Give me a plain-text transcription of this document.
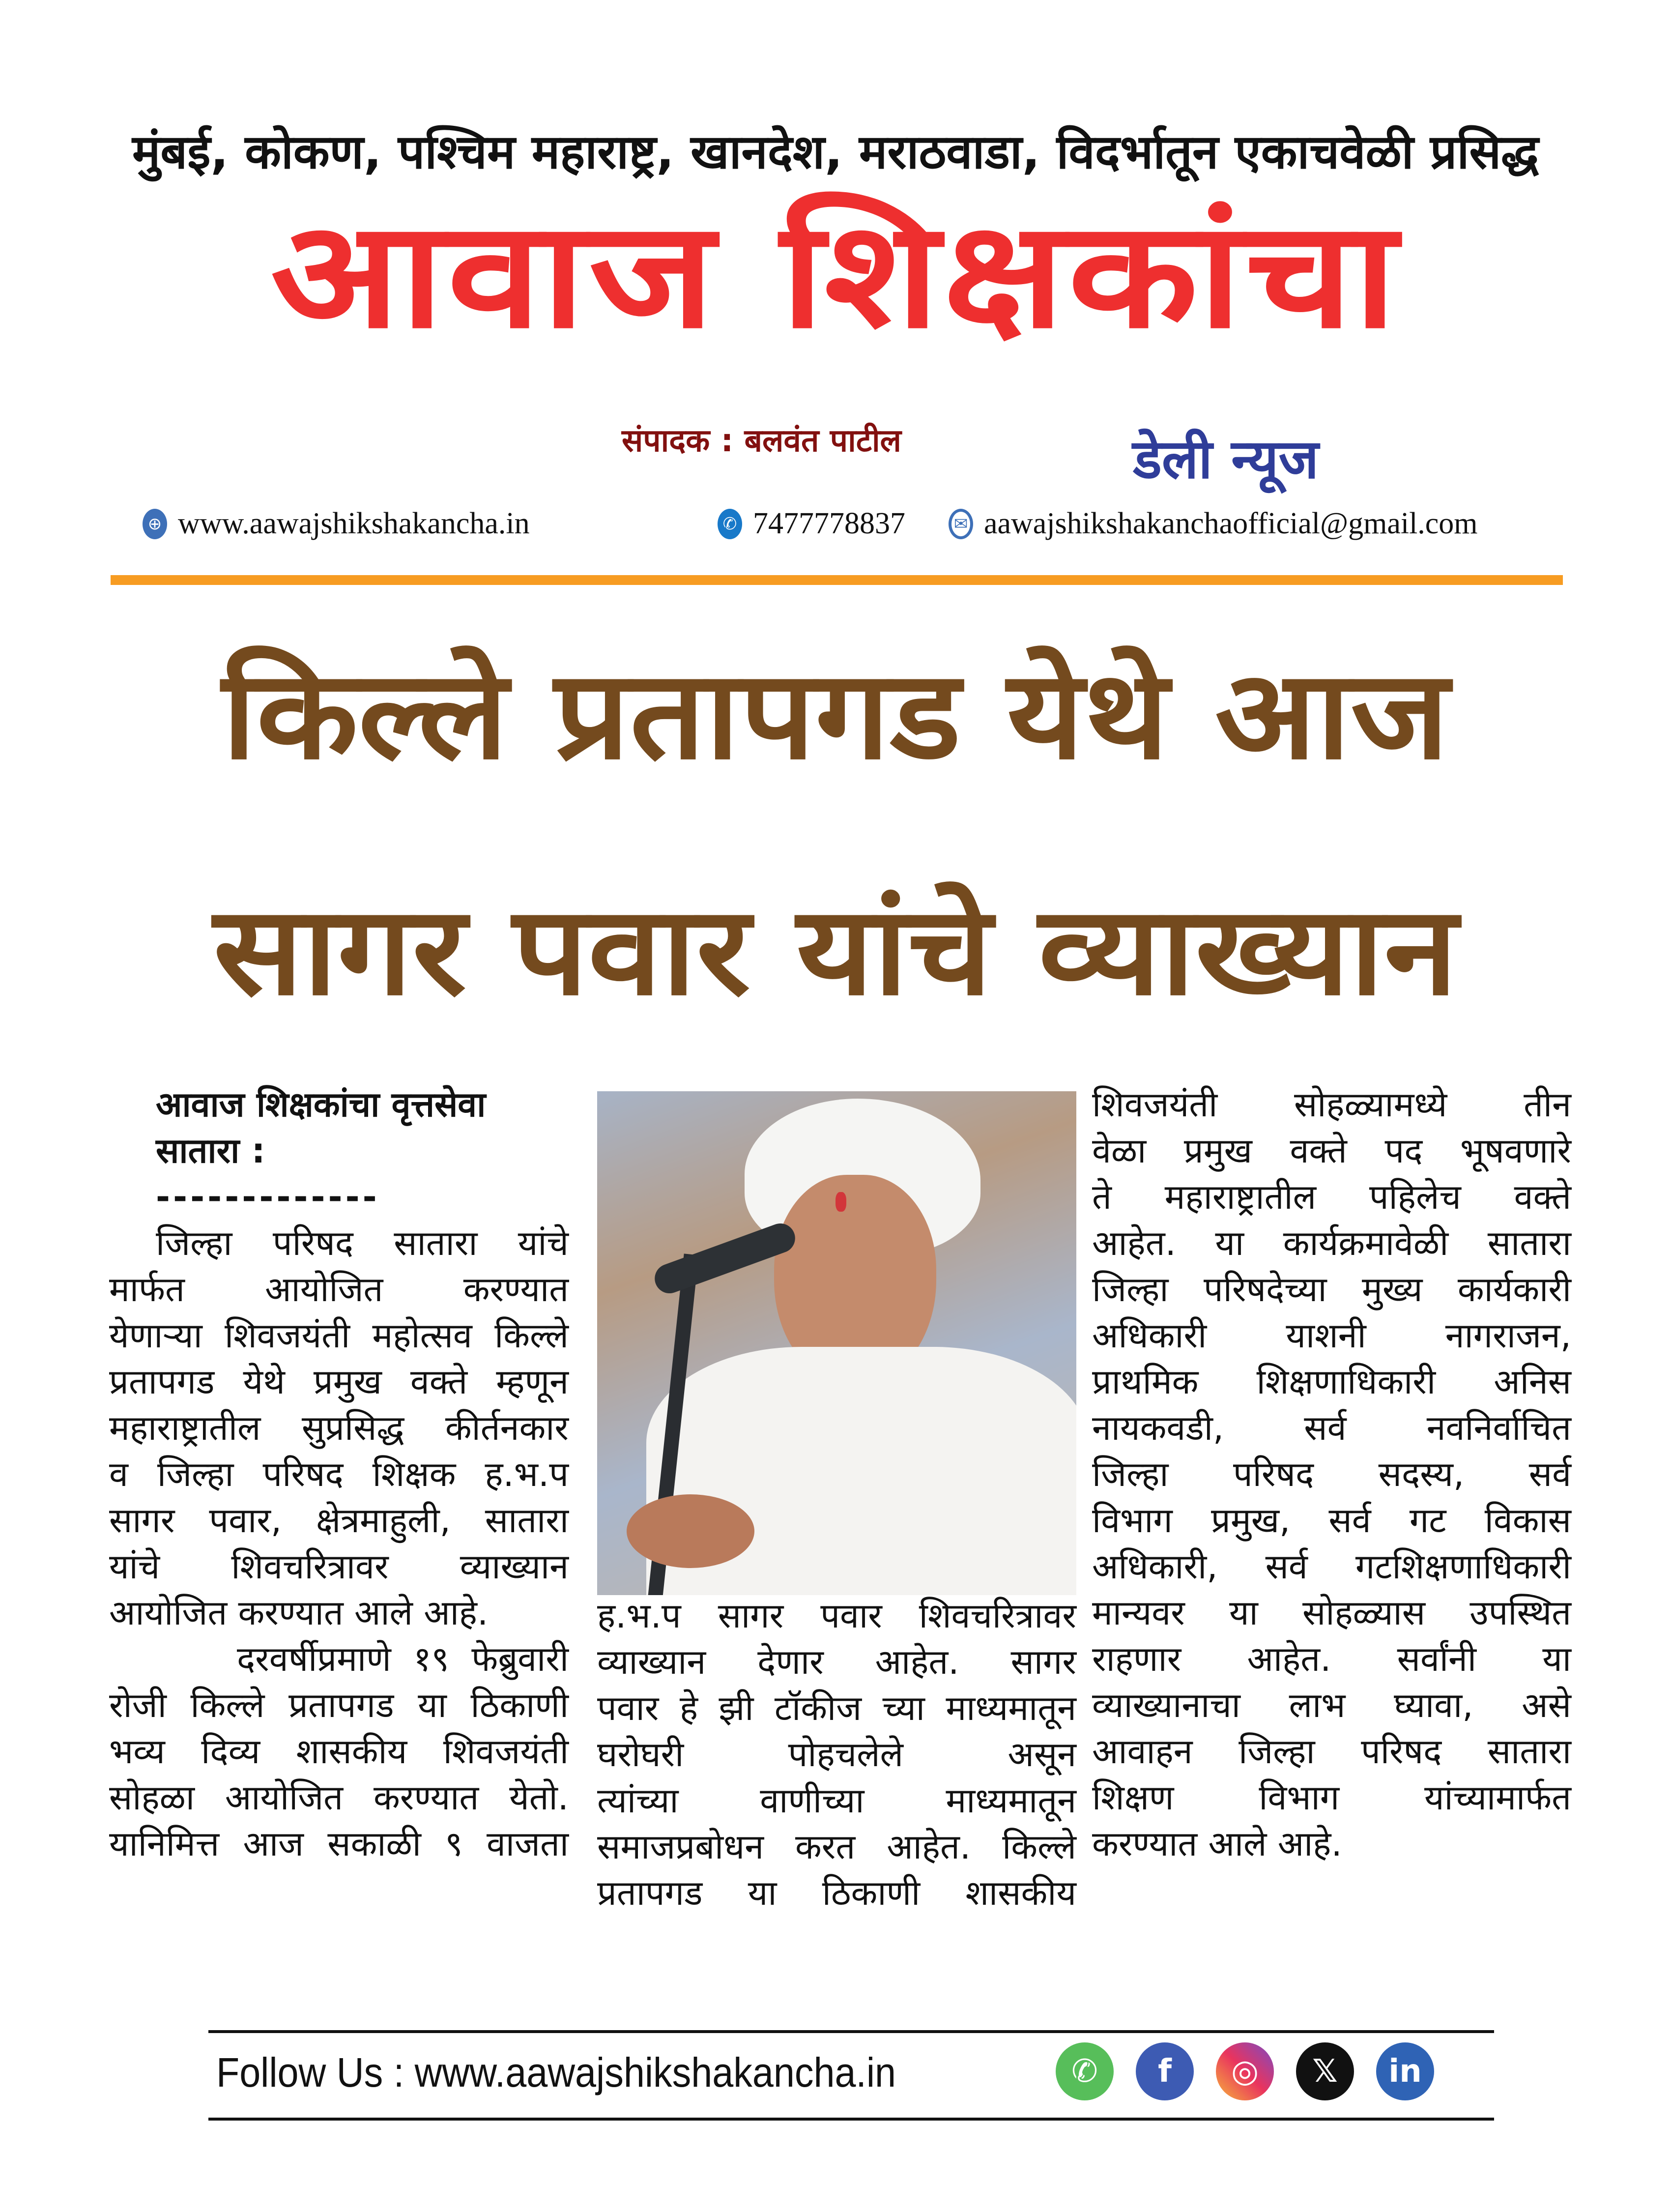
मुंबई, कोकण, पश्चिम महाराष्ट्र, खानदेश, मराठवाडा, विदर्भातून एकाचवेळी प्रसिद्ध
आवाज शिक्षकांचा
संपादक : बलवंत पाटील	डेली न्यूज
⊕ www.aawajshikshakancha.in	✆ 7477778837	✉ aawajshikshakanchaofficial@gmail.com
किल्ले प्रतापगड येथे आज
सागर पवार यांचे व्याख्यान
आवाज शिक्षकांचा वृत्तसेवा
सातारा :
-------------
जिल्हा परिषद सातारा यांचे
मार्फत आयोजित करण्यात
येणाऱ्या शिवजयंती महोत्सव किल्ले
प्रतापगड येथे प्रमुख वक्ते म्हणून
महाराष्ट्रातील सुप्रसिद्ध कीर्तनकार
व जिल्हा परिषद शिक्षक ह.भ.प
सागर पवार, क्षेत्रमाहुली, सातारा
यांचे शिवचरित्रावर व्याख्यान
आयोजित करण्यात आले आहे.
दरवर्षीप्रमाणे १९ फेब्रुवारी
रोजी किल्ले प्रतापगड या ठिकाणी
भव्य दिव्य शासकीय शिवजयंती
सोहळा आयोजित करण्यात येतो.
यानिमित्त आज सकाळी ९ वाजता
ह.भ.प सागर पवार शिवचरित्रावर
व्याख्यान देणार आहेत. सागर
पवार हे झी टॉकीज च्या माध्यमातून
घरोघरी पोहचलेले असून
त्यांच्या वाणीच्या माध्यमातून
समाजप्रबोधन करत आहेत. किल्ले
प्रतापगड या ठिकाणी शासकीय
शिवजयंती सोहळ्यामध्ये तीन
वेळा प्रमुख वक्ते पद भूषवणारे
ते महाराष्ट्रातील पहिलेच वक्ते
आहेत. या कार्यक्रमावेळी सातारा
जिल्हा परिषदेच्या मुख्य कार्यकारी
अधिकारी याशनी नागराजन,
प्राथमिक शिक्षणाधिकारी अनिस
नायकवडी, सर्व नवनिर्वाचित
जिल्हा परिषद सदस्य, सर्व
विभाग प्रमुख, सर्व गट विकास
अधिकारी, सर्व गटशिक्षणाधिकारी
मान्यवर या सोहळ्यास उपस्थित
राहणार आहेत. सर्वांनी या
व्याख्यानाचा लाभ घ्यावा, असे
आवाहन जिल्हा परिषद सातारा
शिक्षण विभाग यांच्यामार्फत
करण्यात आले आहे.
Follow Us : www.aawajshikshakancha.in	✆	f	◎	𝕏	in
